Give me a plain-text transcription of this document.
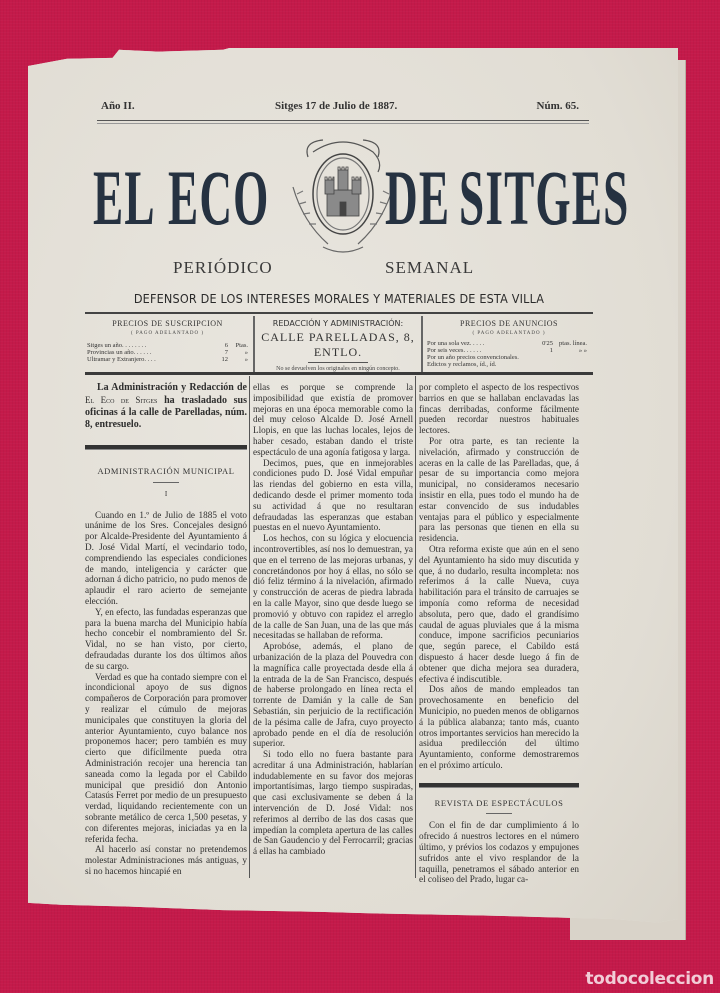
Año II.	Sitges 17 de Julio de 1887.	Núm. 65.
EL ECO DE SITGES
PERIÓDICO	SEMANAL
DEFENSOR DE LOS INTERESES MORALES Y MATERIALES DE ESTA VILLA
PRECIOS DE SUSCRIPCION
( PAGO ADELANTADO )
Sitges un año. . . . . . . .	6 Ptas.
Provincias un año. . . . . .	7	»
Ultramar y Extranjero. . . .	12	»
REDACCIÓN Y ADMINISTRACIÓN:
CALLE PARELLADAS, 8, ENTLO.
No se devuelven los originales en ningún concepto.
PRECIOS DE ANUNCIOS
( PAGO ADELANTADO )
Por una sola vez. . . . .	0'25 ptas. línea.
Por seis veces. . . . . .	1	» »
Por un año precios convencionales.
Edictos y reclamos, íd., íd.

La Administración y Redacción de El Eco de Sitges ha trasladado sus oficinas á la calle de Parelladas, núm. 8, entresuelo.

ADMINISTRACIÓN MUNICIPAL
I

Cuando en 1.º de Julio de 1885 el voto unánime de los Sres. Concejales designó por Alcalde-Presidente del Ayuntamiento á D. José Vidal Martí, el vecindario todo, comprendiendo las especiales condiciones de mando, inteligencia y carácter que adornan á dicho patricio, no pudo menos de aplaudir el raro acierto de semejante elección.

Y, en efecto, las fundadas esperanzas que para la buena marcha del Municipio había hecho concebir el nombramiento del Sr. Vidal, no se han visto, por cierto, defraudadas durante los dos últimos años de su cargo.

Verdad es que ha contado siempre con el incondicional apoyo de sus dignos compañeros de Corporación para promover y realizar el cúmulo de mejoras municipales que constituyen la gloria del anterior Ayuntamiento, cuyo balance nos proponemos hacer; pero también es muy cierto que difícilmente pueda otra Administración recojer una herencia tan saneada como la legada por el Cabildo municipal que presidió don Antonio Catasús Ferret por medio de un presupuesto verdad, liquidando recientemente con un sobrante metálico de cerca 1,500 pesetas, y con diferentes mejoras, iniciadas ya en la referida fecha.

Al hacerlo así constar no pretendemos molestar Administraciones más antiguas, y si no hacemos hincapié en

ellas es porque se comprende la imposibilidad que existía de promover mejoras en una época memorable como la del muy celoso Alcalde D. José Arnell Llopis, en que las luchas locales, lejos de haber cesado, estaban dando el triste espectáculo de una agonía fatigosa y larga.

Decimos, pues, que en inmejorables condiciones pudo D. José Vidal empuñar las riendas del gobierno en esta villa, dedicando desde el primer momento toda su actividad á que no resultaran defraudadas las esperanzas que estaban puestas en el nuevo Ayuntamiento.

Los hechos, con su lógica y elocuencia incontrovertibles, así nos lo demuestran, ya que en el terreno de las mejoras urbanas, y concretándonos por hoy á ellas, no sólo se dió feliz término á la nivelación, afirmado y construcción de aceras de piedra labrada en la calle Mayor, sino que desde luego se promovió y obtuvo con rapidez el arreglo de la calle de San Juan, una de las que más necesitadas se hallaban de reforma.

Aprobóse, además, el plano de urbanización de la plaza del Pouvedra con la magnífica calle proyectada desde ella á la entrada de la de San Francisco, después de haberse prolongado en línea recta el torrente de Damián y la calle de San Sebastián, sin perjuicio de la rectificación de la pésima calle de Jafra, cuyo proyecto aprobado pende en el día de resolución superior.

Si todo ello no fuera bastante para acreditar á una Administración, hablarían indudablemente en su favor dos mejoras importantísimas, largo tiempo suspiradas, que casi exclusivamente se deben á la intervención de D. José Vidal: nos referimos al derribo de las dos casas que impedían la completa apertura de las calles de San Gaudencio y del Ferrocarril; gracias á ellas ha cambiado

por completo el aspecto de los respectivos barrios en que se hallaban enclavadas las fincas derribadas, conforme fácilmente pueden recordar nuestros habituales lectores.

Por otra parte, es tan reciente la nivelación, afirmado y construcción de aceras en la calle de las Parelladas, que, á pesar de su importancia como mejora municipal, no consideramos necesario insistir en ella, pues todo el mundo ha de estar convencido de sus indudables ventajas para el público y especialmente para las personas que tienen en ella su residencia.

Otra reforma existe que aún en el seno del Ayuntamiento ha sido muy discutida y que, á no dudarlo, resulta incompleta: nos referimos á la calle Nueva, cuya habilitación para el tránsito de carruajes se imponía como reforma de necesidad absoluta, pero que, dado el grandísimo caudal de aguas pluviales que á la misma conduce, impone sacrificios pecuniarios que, según parece, el Cabildo está dispuesto á hacer desde luego á fin de obtener que dicha mejora sea duradera, efectiva é indiscutible.

Dos años de mando empleados tan provechosamente en beneficio del Municipio, no pueden menos de obligarnos á la pública alabanza; tanto más, cuanto otros importantes servicios han merecido la asidua predilección del último Ayuntamiento, conforme demostraremos en el próximo artículo.

REVISTA DE ESPECTÁCULOS

Con el fin de dar cumplimiento á lo ofrecido á nuestros lectores en el número último, y prévios los codazos y empujones sufridos ante el vivo resplandor de la taquilla, penetramos el sábado anterior en el coliseo del Prado, lugar ca-

todocoleccion
